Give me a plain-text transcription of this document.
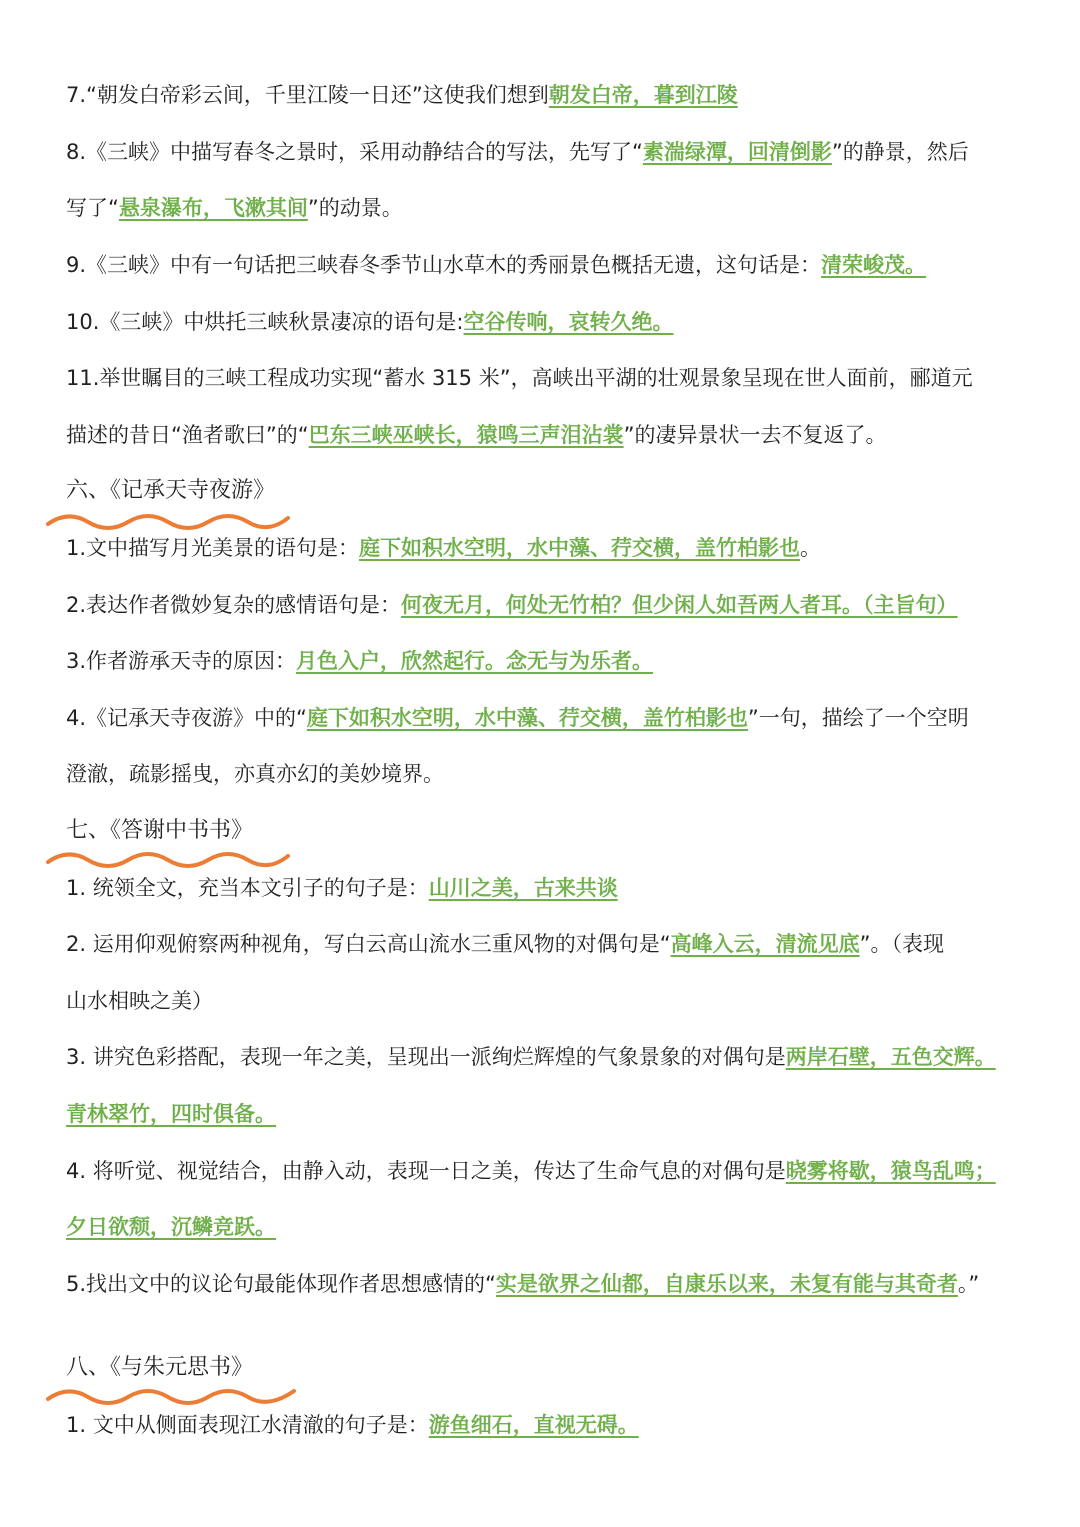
7.“朝发白帝彩云间，千里江陵一日还”这使我们想到朝发白帝，暮到江陵
8.《三峡》中描写春冬之景时，采用动静结合的写法，先写了“素湍绿潭，回清倒影”的静景，然后
写了“悬泉瀑布，飞漱其间”的动景。
9.《三峡》中有一句话把三峡春冬季节山水草木的秀丽景色概括无遗，这句话是：清荣峻茂。
10.《三峡》中烘托三峡秋景凄凉的语句是:空谷传响，哀转久绝。
11.举世瞩目的三峡工程成功实现“蓄水 315 米”，高峡出平湖的壮观景象呈现在世人面前，郦道元
描述的昔日“渔者歌曰”的“巴东三峡巫峡长，猿鸣三声泪沾裳”的凄异景状一去不复返了。
六、《记承天寺夜游》
1.文中描写月光美景的语句是：庭下如积水空明，水中藻、荇交横，盖竹柏影也。
2.表达作者微妙复杂的感情语句是：何夜无月，何处无竹柏？但少闲人如吾两人者耳。（主旨句）
3.作者游承天寺的原因：月色入户，欣然起行。念无与为乐者。
4.《记承天寺夜游》中的“庭下如积水空明，水中藻、荇交横，盖竹柏影也”一句，描绘了一个空明
澄澈，疏影摇曳，亦真亦幻的美妙境界。
七、《答谢中书书》
1. 统领全文，充当本文引子的句子是：山川之美，古来共谈
2. 运用仰观俯察两种视角，写白云高山流水三重风物的对偶句是“高峰入云，清流见底”。（表现
山水相映之美）
3. 讲究色彩搭配，表现一年之美，呈现出一派绚烂辉煌的气象景象的对偶句是两岸石壁，五色交辉。
青林翠竹，四时俱备。
4. 将听觉、视觉结合，由静入动，表现一日之美，传达了生命气息的对偶句是晓雾将歇，猿鸟乱鸣；
夕日欲颓，沉鳞竞跃。
5.找出文中的议论句最能体现作者思想感情的“实是欲界之仙都，自康乐以来，未复有能与其奇者。”
八、《与朱元思书》
1. 文中从侧面表现江水清澈的句子是：游鱼细石，直视无碍。
